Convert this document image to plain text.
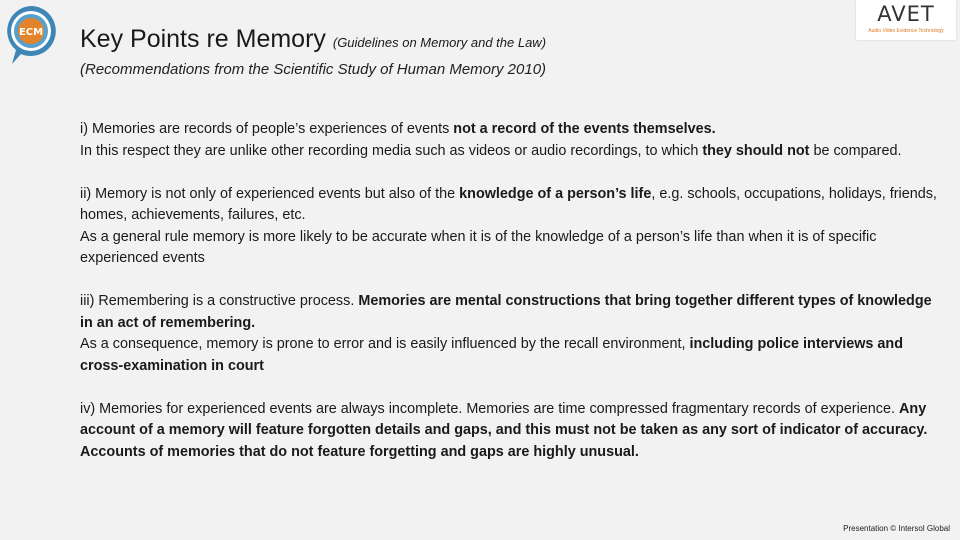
ECM
AVET
Audio Video Evidence Technology
Key Points re Memory (Guidelines on Memory and the Law)
(Recommendations from the Scientific Study of Human Memory 2010)

i) Memories are records of people’s experiences of events not a record of the events themselves.
In this respect they are unlike other recording media such as videos or audio recordings, to which they should not be compared.

ii) Memory is not only of experienced events but also of the knowledge of a person’s life, e.g. schools, occupations, holidays, friends, homes, achievements, failures, etc.
As a general rule memory is more likely to be accurate when it is of the knowledge of a person’s life than when it is of specific experienced events

iii) Remembering is a constructive process. Memories are mental constructions that bring together different types of knowledge in an act of remembering.
As a consequence, memory is prone to error and is easily influenced by the recall environment, including police interviews and cross-examination in court

iv) Memories for experienced events are always incomplete. Memories are time compressed fragmentary records of experience. Any account of a memory will feature forgotten details and gaps, and this must not be taken as any sort of indicator of accuracy. Accounts of memories that do not feature forgetting and gaps are highly unusual.

Presentation © Intersol Global
